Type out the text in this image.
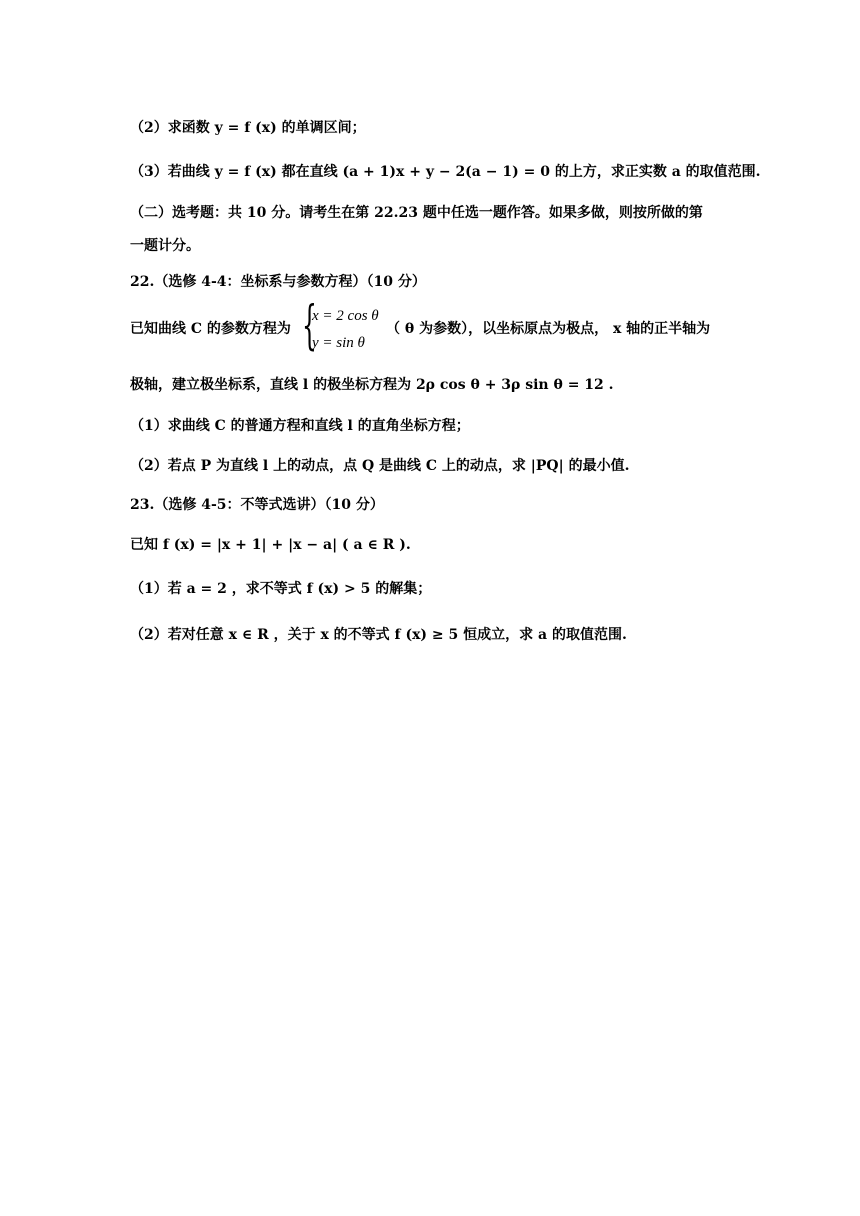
（2）求函数 y = f (x) 的单调区间；
（3）若曲线 y = f (x) 都在直线 (a + 1)x + y − 2(a − 1) = 0 的上方，求正实数 a 的取值范围.
（二）选考题：共 10 分。请考生在第 22.23 题中任选一题作答。如果多做，则按所做的第
一题计分。
22.（选修 4-4：坐标系与参数方程）（10 分）
已知曲线 C 的参数方程为 {
x = 2 cos θ
y = sin θ
（ θ 为参数），以坐标原点为极点， x 轴的正半轴为
极轴，建立极坐标系，直线 l 的极坐标方程为 2ρ cos θ + 3ρ sin θ = 12 .
（1）求曲线 C 的普通方程和直线 l 的直角坐标方程；
（2）若点 P 为直线 l 上的动点，点 Q 是曲线 C 上的动点，求 |PQ| 的最小值.
23.（选修 4-5：不等式选讲）（10 分）
已知 f (x) = |x + 1| + |x − a| ( a ∈ R ).
（1）若 a = 2 ，求不等式 f (x) > 5 的解集；
（2）若对任意 x ∈ R ，关于 x 的不等式 f (x) ≥ 5 恒成立，求 a 的取值范围.
